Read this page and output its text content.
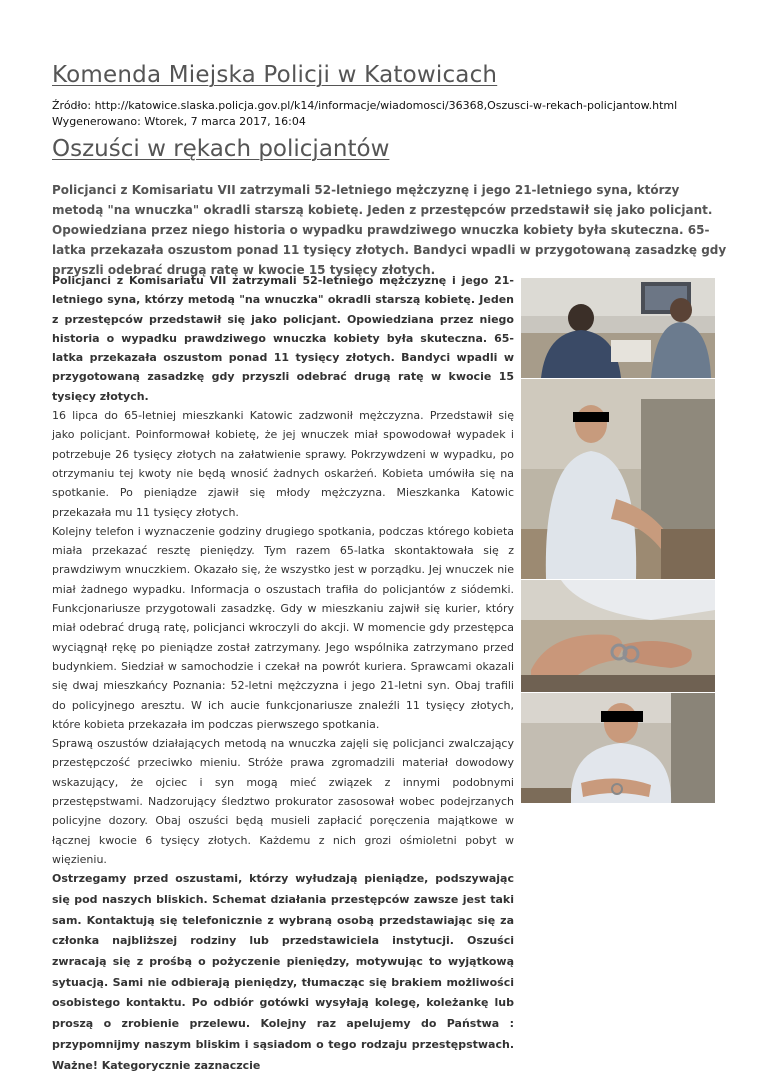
Komenda Miejska Policji w Katowicach
Źródło: http://katowice.slaska.policja.gov.pl/k14/informacje/wiadomosci/36368,Oszusci-w-rekach-policjantow.html
Wygenerowano: Wtorek, 7 marca 2017, 16:04
Oszuści w rękach policjantów
Policjanci z Komisariatu VII zatrzymali 52-letniego mężczyznę i jego 21-letniego syna, którzy metodą "na wnuczka" okradli starszą kobietę. Jeden z przestępców przedstawił się jako policjant. Opowiedziana przez niego historia o wypadku prawdziwego wnuczka kobiety była skuteczna. 65-latka przekazała oszustom ponad 11 tysięcy złotych. Bandyci wpadli w przygotowaną zasadzkę gdy przyszli odebrać drugą ratę w kwocie 15 tysięcy złotych.

Policjanci z Komisariatu VII zatrzymali 52-letniego mężczyznę i jego 21-letniego syna, którzy metodą "na wnuczka" okradli starszą kobietę. Jeden z przestępców przedstawił się jako policjant. Opowiedziana przez niego historia o wypadku prawdziwego wnuczka kobiety była skuteczna. 65-latka przekazała oszustom ponad 11 tysięcy złotych. Bandyci wpadli w przygotowaną zasadzkę gdy przyszli odebrać drugą ratę w kwocie 15 tysięcy złotych.

16 lipca do 65-letniej mieszkanki Katowic zadzwonił mężczyzna. Przedstawił się jako policjant. Poinformował kobietę, że jej wnuczek miał spowodował wypadek i potrzebuje 26 tysięcy złotych na załatwienie sprawy. Pokrzywdzeni w wypadku, po otrzymaniu tej kwoty nie będą wnosić żadnych oskarżeń. Kobieta umówiła się na spotkanie. Po pieniądze zjawił się młody mężczyzna. Mieszkanka Katowic przekazała mu 11 tysięcy złotych.

Kolejny telefon i wyznaczenie godziny drugiego spotkania, podczas którego kobieta miała przekazać resztę pieniędzy. Tym razem 65-latka skontaktowała się z prawdziwym wnuczkiem. Okazało się, że wszystko jest w porządku. Jej wnuczek nie miał żadnego wypadku. Informacja o oszustach trafiła do policjantów z siódemki. Funkcjonariusze przygotowali zasadzkę. Gdy w mieszkaniu zajwił się kurier, który miał odebrać drugą ratę, policjanci wkroczyli do akcji. W momencie gdy przestępca wyciągnął rękę po pieniądze został zatrzymany. Jego wspólnika zatrzymano przed budynkiem. Siedział w samochodzie i czekał na powrót kuriera. Sprawcami okazali się dwaj mieszkańcy Poznania: 52-letni mężczyzna i jego 21-letni syn. Obaj trafili do policyjnego aresztu. W ich aucie funkcjonariusze znaleźli 11 tysięcy złotych, które kobieta przekazała im podczas pierwszego spotkania.

Sprawą oszustów działających metodą na wnuczka zajęli się policjanci zwalczający przestępczość przeciwko mieniu. Stróże prawa zgromadzili materiał dowodowy wskazujący, że ojciec i syn mogą mieć związek z innymi podobnymi przestępstwami. Nadzorujący śledztwo prokurator zasosował wobec podejrzanych policyjne dozory. Obaj oszuści będą musieli zapłacić poręczenia majątkowe w łącznej kwocie 6 tysięcy złotych. Każdemu z nich grozi ośmioletni pobyt w więzieniu.

Ostrzegamy przed oszustami, którzy wyłudzają pieniądze, podszywając się pod naszych bliskich. Schemat działania przestępców zawsze jest taki sam. Kontaktują się telefonicznie z wybraną osobą przedstawiając się za członka najbliższej rodziny lub przedstawiciela instytucji. Oszuści zwracają się z prośbą o pożyczenie pieniędzy, motywując to wyjątkową sytuacją. Sami nie odbierają pieniędzy, tłumacząc się brakiem możliwości osobistego kontaktu. Po odbiór gotówki wysyłają kolegę, koleżankę lub proszą o zrobienie przelewu. Kolejny raz apelujemy do Państwa : przypomnijmy naszym bliskim i sąsiadom o tego rodzaju przestępstwach. Ważne! Kategorycznie zaznaczcie
